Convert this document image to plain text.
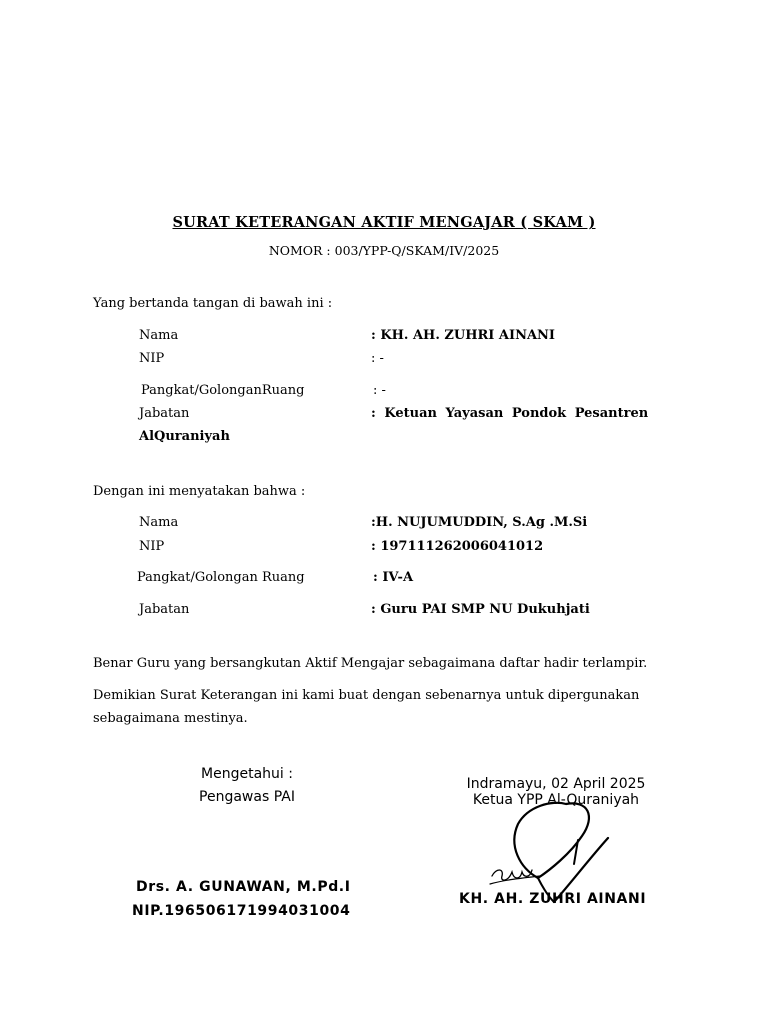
SURAT KETERANGAN AKTIF MENGAJAR ( SKAM )
NOMOR : 003/YPP-Q/SKAM/IV/2025
Yang bertanda tangan di bawah ini :
Nama	: KH. AH. ZUHRI AINANI
NIP	: -
Pangkat/GolonganRuang	: -
Jabatan	: Ketuan Yayasan Pondok Pesantren
AlQuraniyah
Dengan ini menyatakan bahwa :
Nama	:H. NUJUMUDDIN, S.Ag .M.Si
NIP	: 197111262006041012
Pangkat/Golongan Ruang	: IV-A
Jabatan	: Guru PAI SMP NU Dukuhjati
Benar Guru yang bersangkutan Aktif Mengajar sebagaimana daftar hadir terlampir.
Demikian Surat Keterangan ini kami buat dengan sebenarnya untuk dipergunakan
sebagaimana mestinya.
Mengetahui :
Pengawas PAI
Drs. A. GUNAWAN, M.Pd.I
NIP.196506171994031004
Indramayu, 02 April 2025
Ketua YPP Al-Quraniyah
KH. AH. ZUHRI AINANI
